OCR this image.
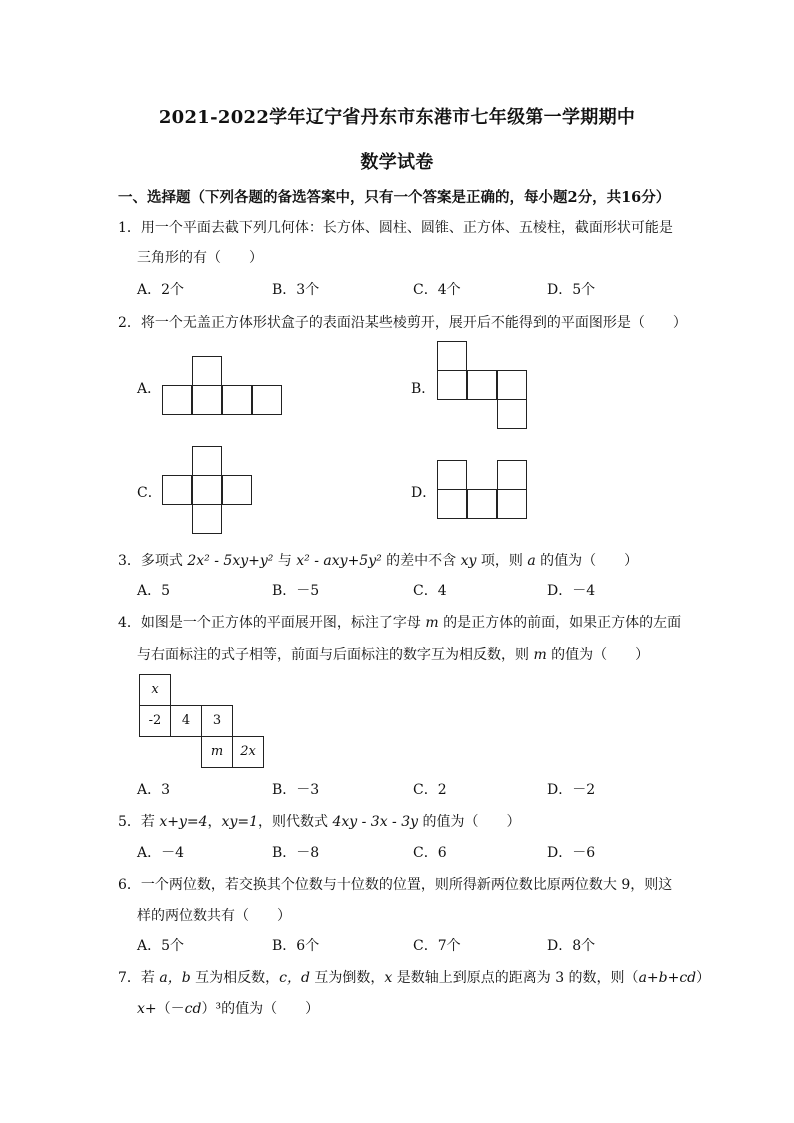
2021-2022学年辽宁省丹东市东港市七年级第一学期期中
数学试卷
一、选择题（下列各题的备选答案中，只有一个答案是正确的，每小题2分，共16分）
1．用一个平面去截下列几何体：长方体、圆柱、圆锥、正方体、五棱柱，截面形状可能是
三角形的有（　　）
A．2个	B．3个	C．4个	D．5个
2．将一个无盖正方体形状盒子的表面沿某些棱剪开，展开后不能得到的平面图形是（　　）
A．	B．
C．	D．
3．多项式 2x² - 5xy+y² 与 x² - axy+5y² 的差中不含 xy 项，则 a 的值为（　　）
A．5	B．－5	C．4	D．－4
4．如图是一个正方体的平面展开图，标注了字母 m 的是正方体的前面，如果正方体的左面
与右面标注的式子相等，前面与后面标注的数字互为相反数，则 m 的值为（　　）
x
-2	4	3
m	2x
A．3	B．－3	C．2	D．－2
5．若 x+y=4，xy=1，则代数式 4xy - 3x - 3y 的值为（　　）
A．－4	B．－8	C．6	D．－6
6．一个两位数，若交换其个位数与十位数的位置，则所得新两位数比原两位数大 9，则这
样的两位数共有（　　）
A．5个	B．6个	C．7个	D．8个
7．若 a，b 互为相反数，c，d 互为倒数，x 是数轴上到原点的距离为 3 的数，则（a+b+cd）
x+（－cd）³的值为（　　）
